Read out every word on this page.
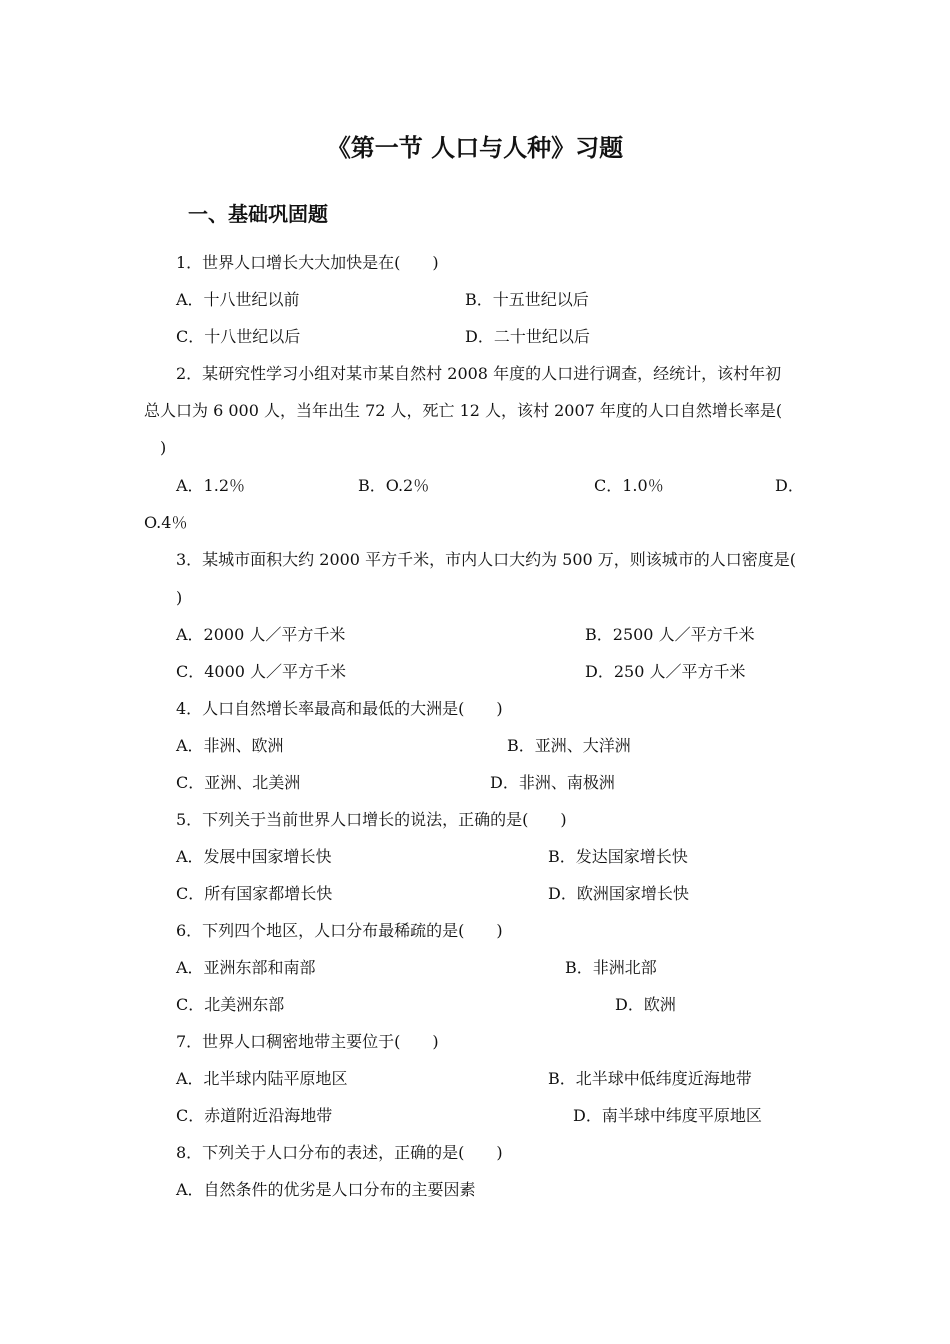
《第一节 人口与人种》习题
一、基础巩固题
1．世界人口增长大大加快是在(　　)
A．十八世纪以前	B．十五世纪以后
C．十八世纪以后	D．二十世纪以后
2．某研究性学习小组对某市某自然村 2008 年度的人口进行调查，经统计，该村年初
总人口为 6 000 人，当年出生 72 人，死亡 12 人，该村 2007 年度的人口自然增长率是(
)
A．1.2％	B．O.2％	C．1.0％	D．
O.4％
3．某城市面积大约 2000 平方千米，市内人口大约为 500 万，则该城市的人口密度是(
)
A．2000 人／平方千米	B．2500 人／平方千米
C．4000 人／平方千米	D．250 人／平方千米
4．人口自然增长率最高和最低的大洲是(　　)
A．非洲、欧洲	B．亚洲、大洋洲
C．亚洲、北美洲	D．非洲、南极洲
5．下列关于当前世界人口增长的说法，正确的是(　　)
A．发展中国家增长快	B．发达国家增长快
C．所有国家都增长快	D．欧洲国家增长快
6．下列四个地区，人口分布最稀疏的是(　　)
A．亚洲东部和南部	B．非洲北部
C．北美洲东部	D．欧洲
7．世界人口稠密地带主要位于(　　)
A．北半球内陆平原地区	B．北半球中低纬度近海地带
C．赤道附近沿海地带	D．南半球中纬度平原地区
8．下列关于人口分布的表述，正确的是(　　)
A．自然条件的优劣是人口分布的主要因素
